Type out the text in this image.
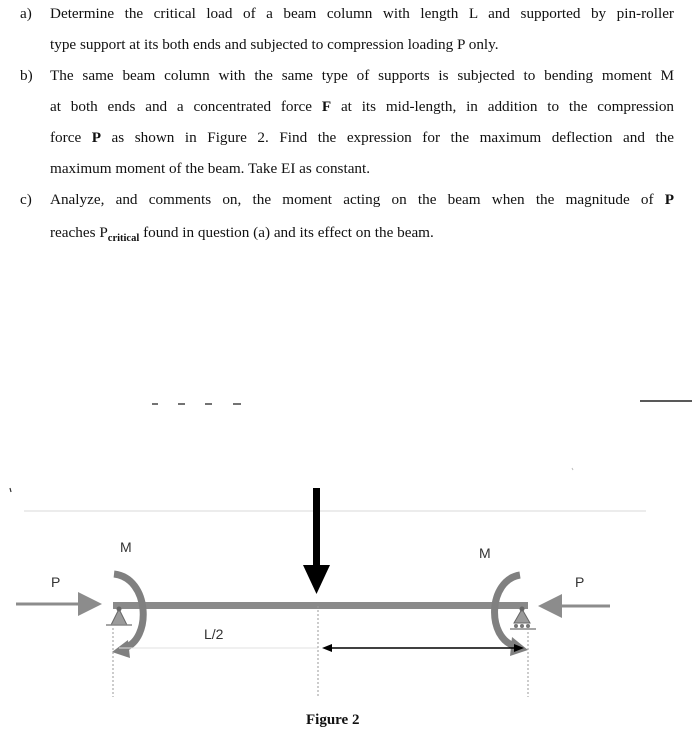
a) Determine the critical load of a beam column with length L and supported by pin-roller
type support at its both ends and subjected to compression loading P only.
b) The same beam column with the same type of supports is subjected to bending moment M
at both ends and a concentrated force F at its mid-length, in addition to the compression
force P as shown in Figure 2. Find the expression for the maximum deflection and the
maximum moment of the beam. Take EI as constant.
c) Analyze, and comments on, the moment acting on the beam when the magnitude of P
reaches $P_{critical}$ found in question (a) and its effect on the beam.
P	P
M	M
L/2
Figure 2
